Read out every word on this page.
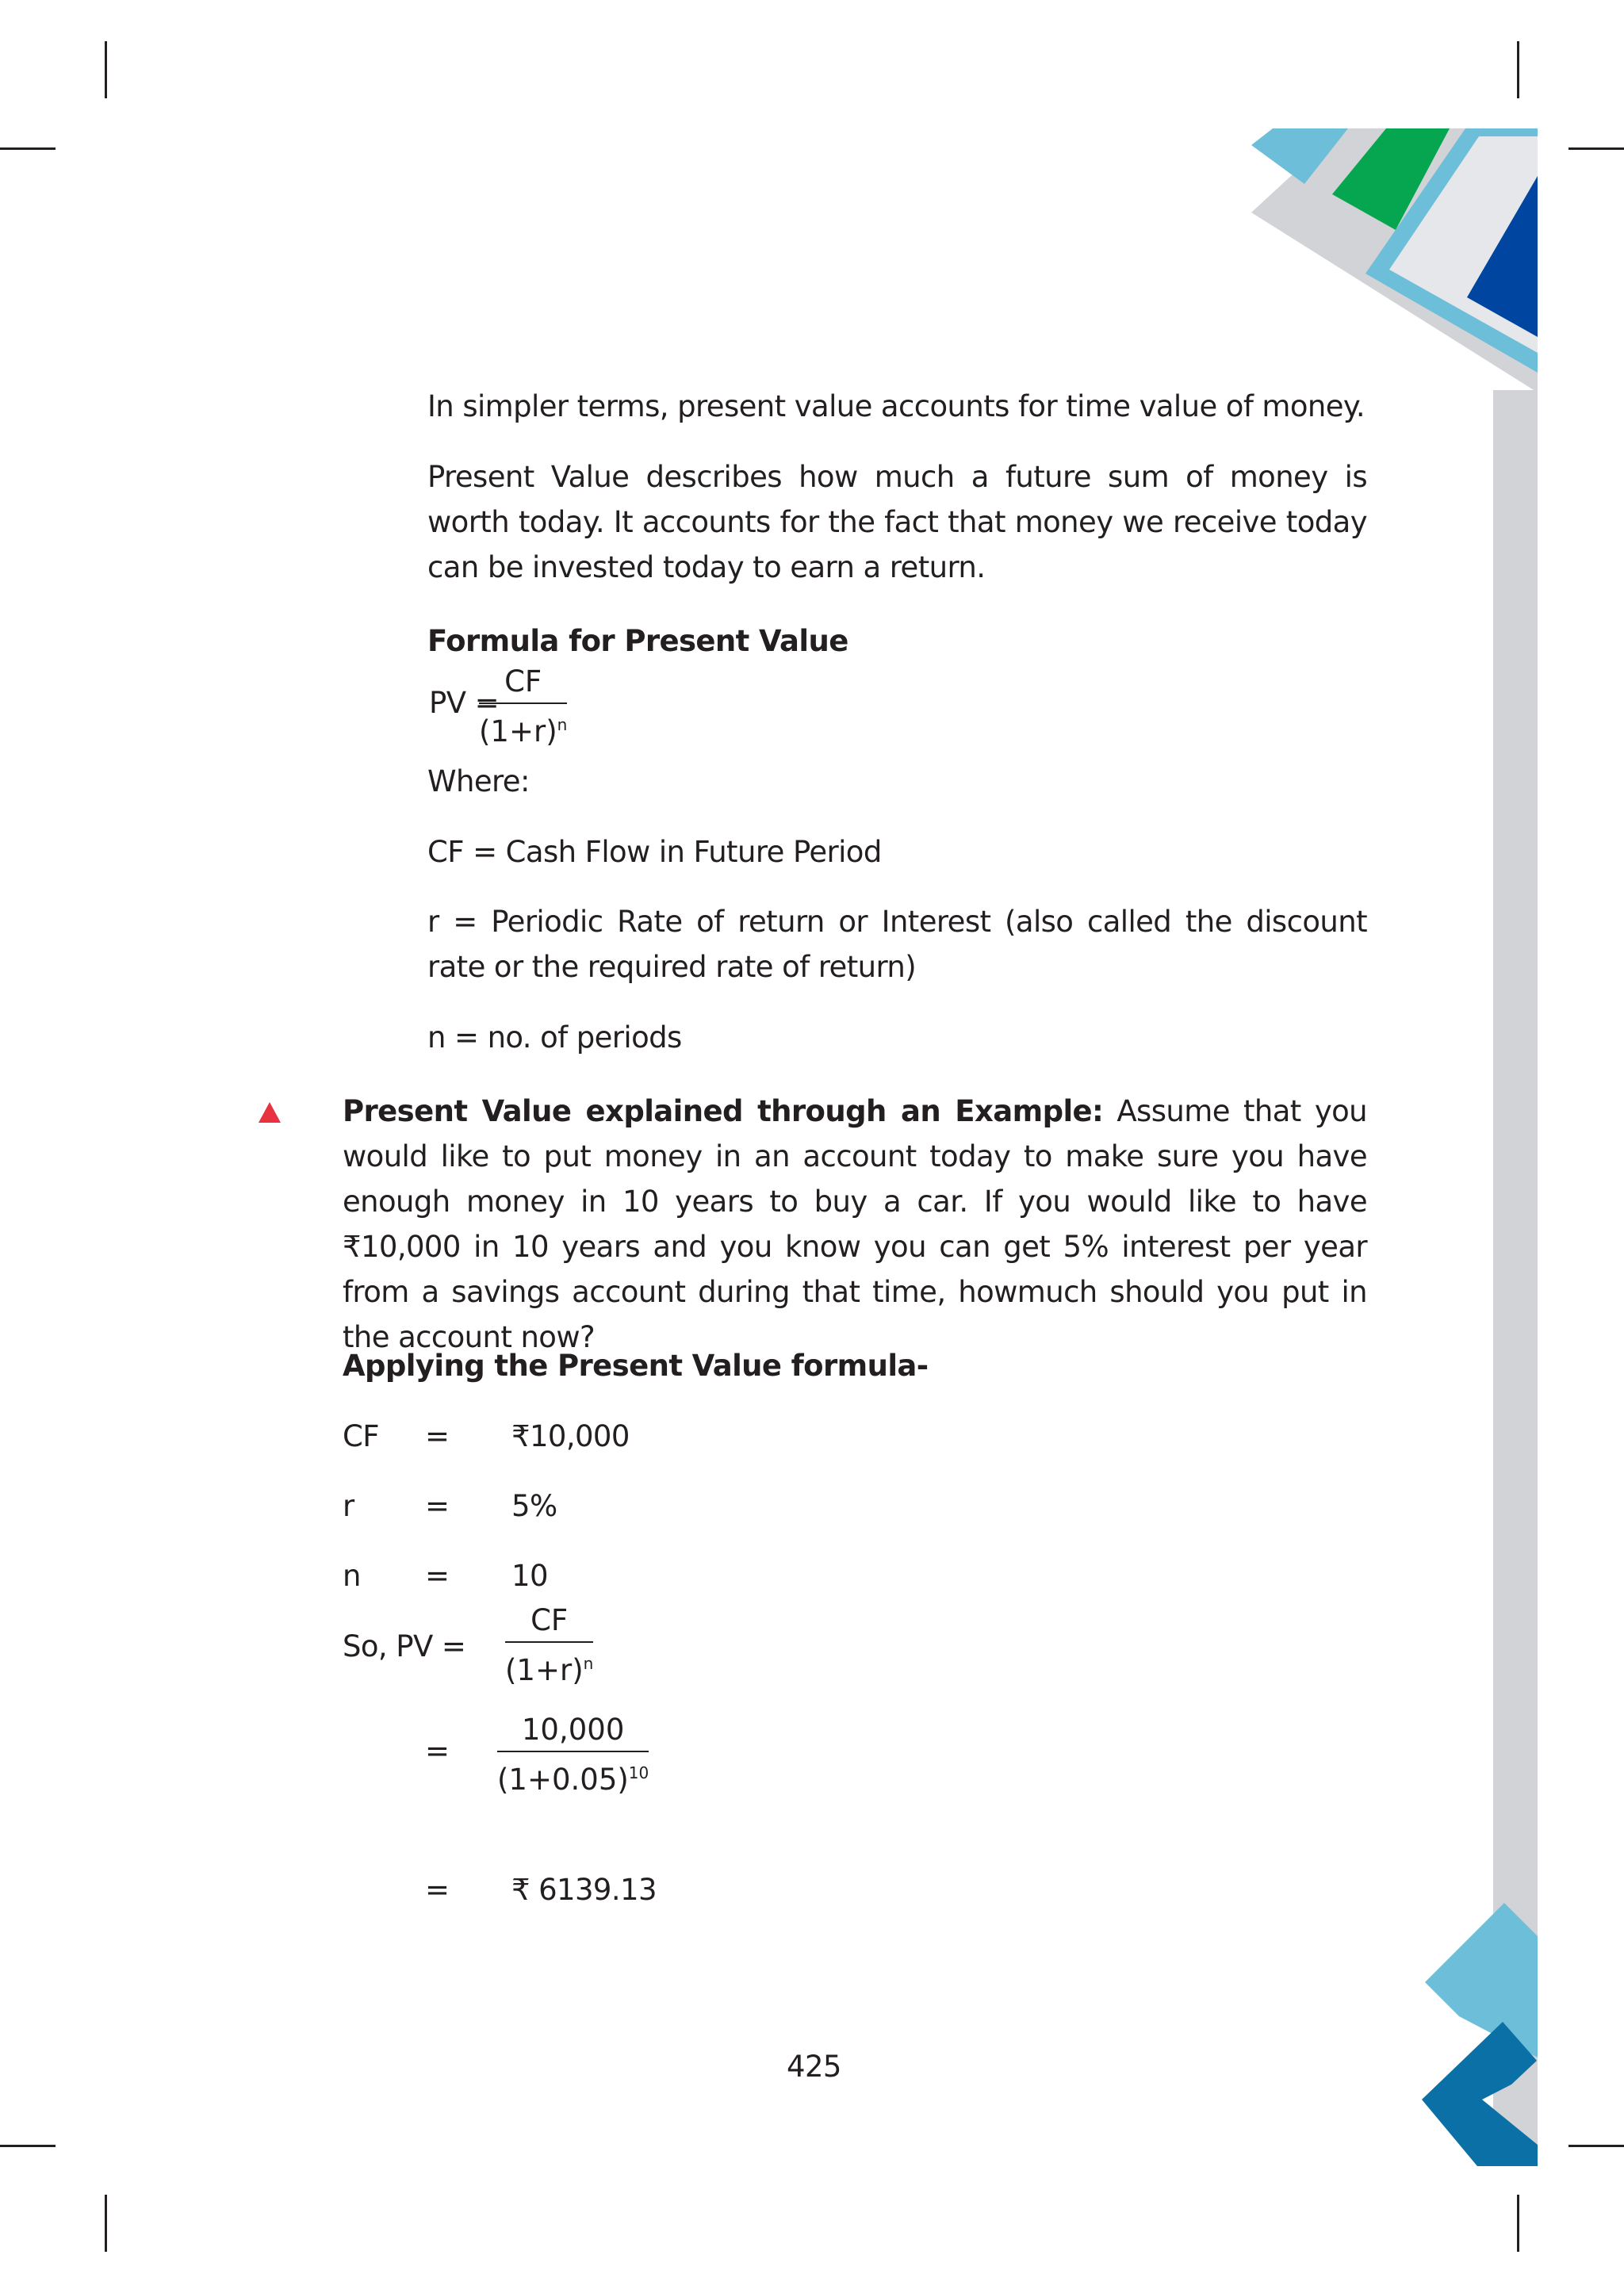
In simpler terms, present value accounts for time value of money.
Present Value describes how much a future sum of money is worth today. It accounts for the fact that money we receive today can be invested today to earn a return.
Formula for Present Value
PV =
$\frac{CF}{(1+r)^n}$
Where:
CF = Cash Flow in Future Period
r = Periodic Rate of return or Interest (also called the discount rate or the required rate of return)
n = no. of periods
Present Value explained through an Example: Assume that you would like to put money in an account today to make sure you have enough money in 10 years to buy a car. If you would like to have ₹10,000 in 10 years and you know you can get 5% interest per year from a savings account during that time, howmuch should you put in the account now?
Applying the Present Value formula-
CF = ₹10,000
r = 5%
n = 10
So, PV = $\frac{CF}{(1+r)^n}$
= $\frac{10,000}{(1+0.05)^{10}}$
= ₹ 6139.13
425
